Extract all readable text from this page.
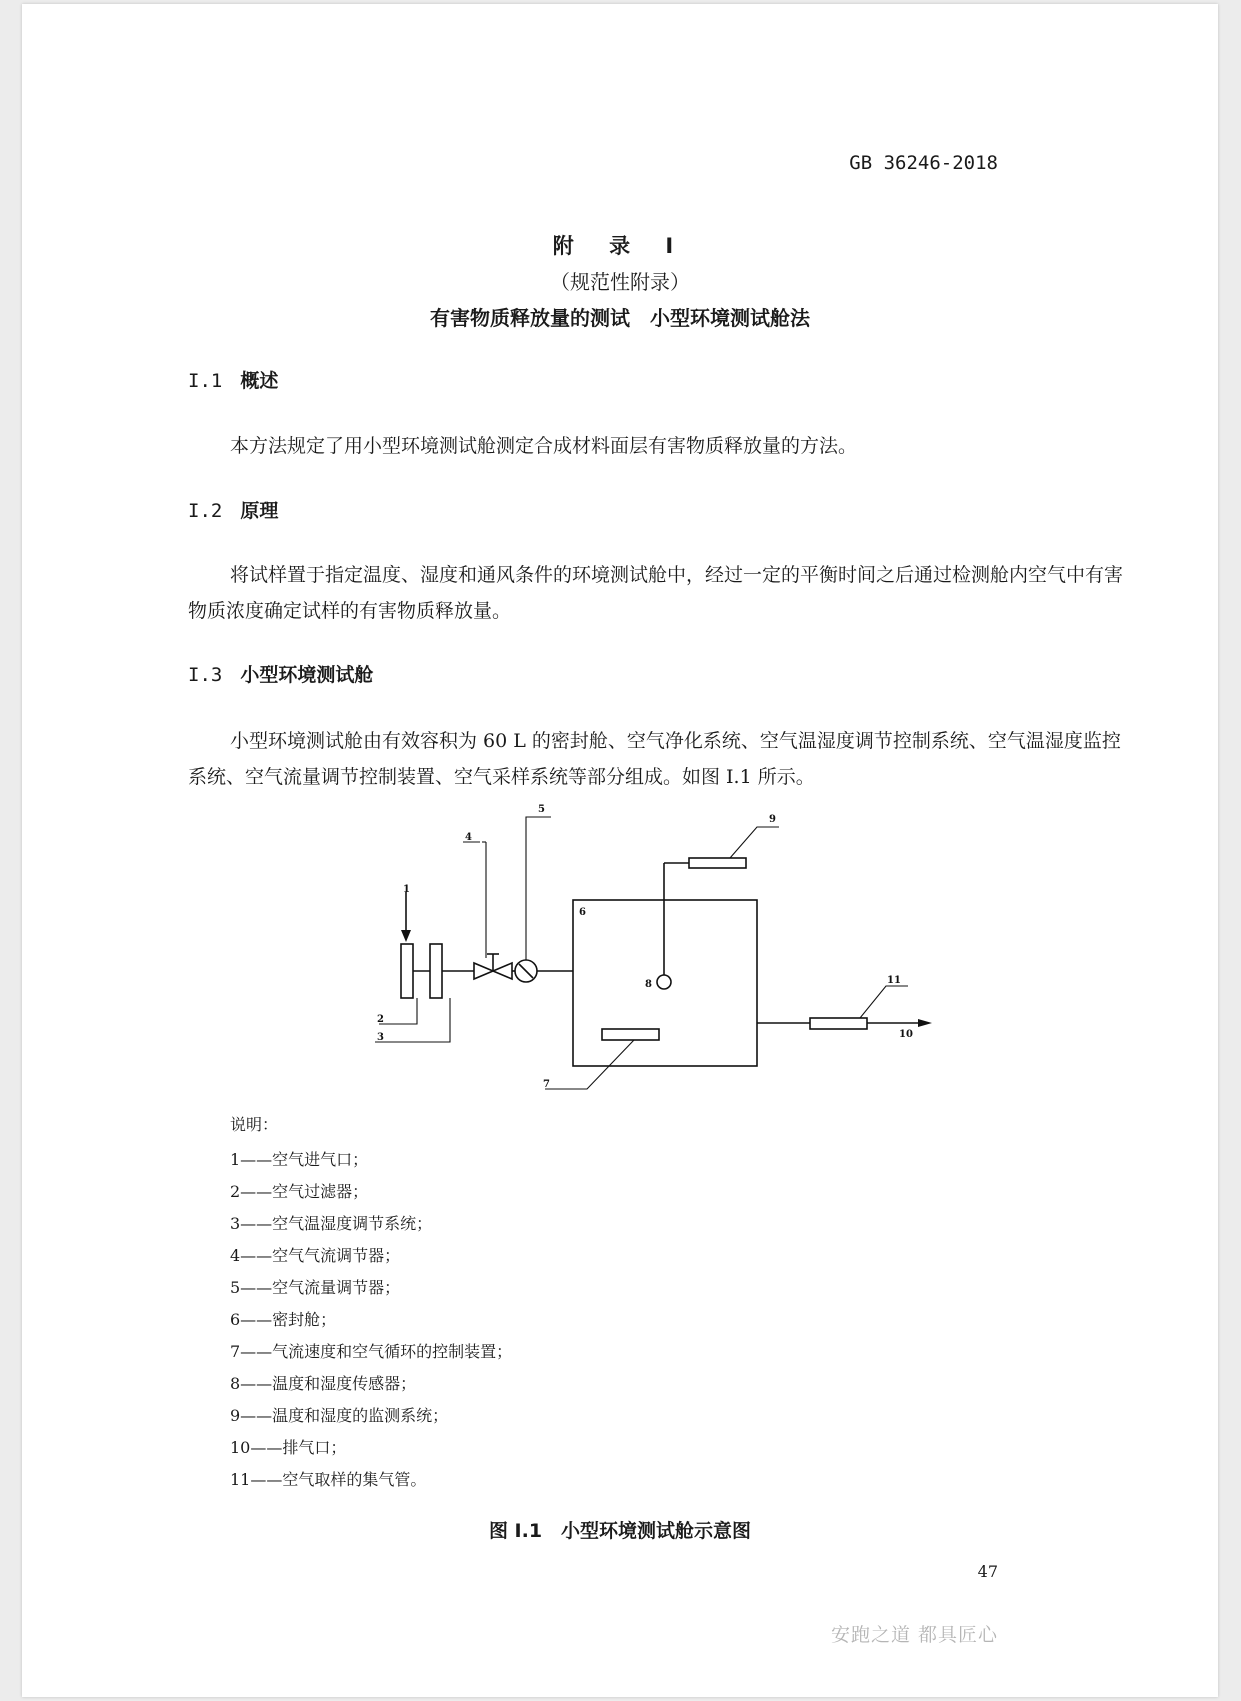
GB 36246-2018
附 录 I
（规范性附录）
有害物质释放量的测试　小型环境测试舱法
I.1 概述
本方法规定了用小型环境测试舱测定合成材料面层有害物质释放量的方法。
I.2 原理
将试样置于指定温度、湿度和通风条件的环境测试舱中，经过一定的平衡时间之后通过检测舱内空气中有害物质浓度确定试样的有害物质释放量。
I.3 小型环境测试舱
小型环境测试舱由有效容积为 60 L 的密封舱、空气净化系统、空气温湿度调节控制系统、空气温湿度监控系统、空气流量调节控制装置、空气采样系统等部分组成。如图 I.1 所示。
1
2
3
4
5
6
7
8
9
10
11
说明：
1——空气进气口；
2——空气过滤器；
3——空气温湿度调节系统；
4——空气气流调节器；
5——空气流量调节器；
6——密封舱；
7——气流速度和空气循环的控制装置；
8——温度和湿度传感器；
9——温度和湿度的监测系统；
10——排气口；
11——空气取样的集气管。
图 I.1　小型环境测试舱示意图
47
安跑之道 都具匠心
